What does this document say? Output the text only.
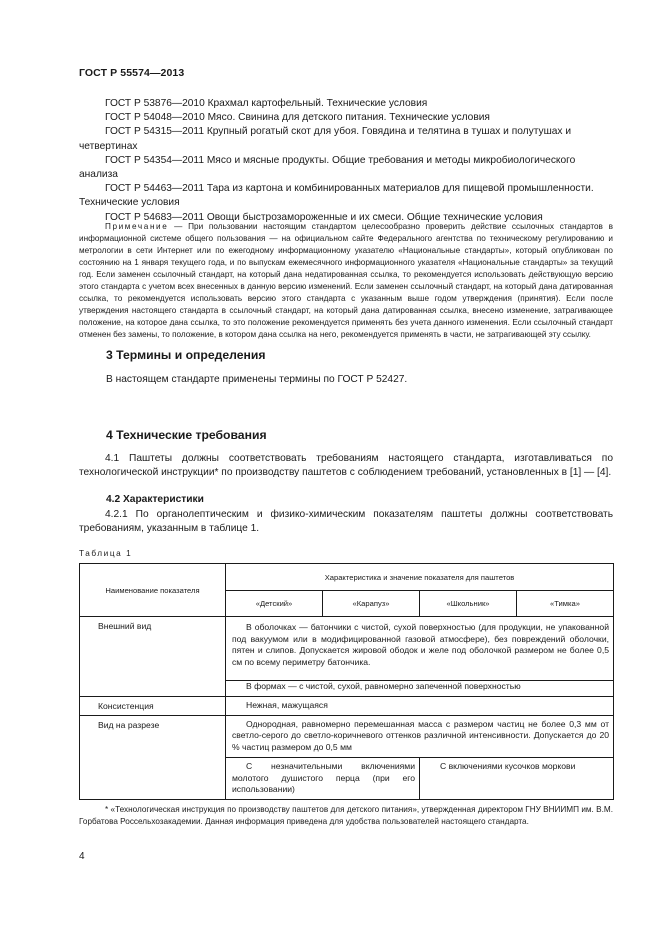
ГОСТ Р 55574—2013

ГОСТ Р 53876—2010 Крахмал картофельный. Технические условия

ГОСТ Р 54048—2010 Мясо. Свинина для детского питания. Технические условия

ГОСТ Р 54315—2011 Крупный рогатый скот для убоя. Говядина и телятина в тушах и полутушах и четвертинах

ГОСТ Р 54354—2011 Мясо и мясные продукты. Общие требования и методы микробиологического анализа

ГОСТ Р 54463—2011 Тара из картона и комбинированных материалов для пищевой промышленности. Технические условия

ГОСТ Р 54683—2011 Овощи быстрозамороженные и их смеси. Общие технические условия

Примечание — При пользовании настоящим стандартом целесообразно проверить действие ссылочных стандартов в информационной системе общего пользования — на официальном сайте Федерального агентства по техническому регулированию и метрологии в сети Интернет или по ежегодному информационному указателю «Национальные стандарты», который опубликован по состоянию на 1 января текущего года, и по выпускам ежемесячного информационного указателя «Национальные стандарты» за текущий год. Если заменен ссылочный стандарт, на который дана недатированная ссылка, то рекомендуется использовать действующую версию этого стандарта с учетом всех внесенных в данную версию изменений. Если заменен ссылочный стандарт, на который дана датированная ссылка, то рекомендуется использовать версию этого стандарта с указанным выше годом утверждения (принятия). Если после утверждения настоящего стандарта в ссылочный стандарт, на который дана датированная ссылка, внесено изменение, затрагивающее положение, на которое дана ссылка, то это положение рекомендуется применять без учета данного изменения. Если ссылочный стандарт отменен без замены, то положение, в котором дана ссылка на него, рекомендуется применять в части, не затрагивающей эту ссылку.

3 Термины и определения

В настоящем стандарте применены термины по ГОСТ Р 52427.

4 Технические требования

4.1 Паштеты должны соответствовать требованиям настоящего стандарта, изготавливаться по технологической инструкции* по производству паштетов с соблюдением требований, установленных в [1] — [4].

4.2 Характеристики

4.2.1 По органолептическим и физико-химическим показателям паштеты должны соответствовать требованиям, указанным в таблице 1.

Таблица 1
Наименование показателя	Характеристика и значение показателя для паштетов			
	«Детский»	«Карапуз»	«Школьник»	«Тимка»
Внешний вид	В оболочках — батончики с чистой, сухой поверхностью (для продукции, не упакованной под вакуумом или в модифицированной газовой атмосфере), без повреждений оболочки, пятен и слипов. Допускается жировой ободок и желе под оболочкой размером не более 0,5 см по всему периметру батончика.			
	В формах — с чистой, сухой, равномерно запеченной поверхностью			
Консистенция	Нежная, мажущаяся			
Вид на разрезе	Однородная, равномерно перемешанная масса с размером частиц не более 0,3 мм от светло-серого до светло-коричневого оттенков различной интенсивности. Допускается до 20 % частиц размером до 0,5 мм			
	С незначительными включениями молотого душистого перца (при его использовании)		С включениями кусочков моркови	

* «Технологическая инструкция по производству паштетов для детского питания», утвержденная директором ГНУ ВНИИМП им. В.М. Горбатова Россельхозакадемии. Данная информация приведена для удобства пользователей настоящего стандарта.

4
